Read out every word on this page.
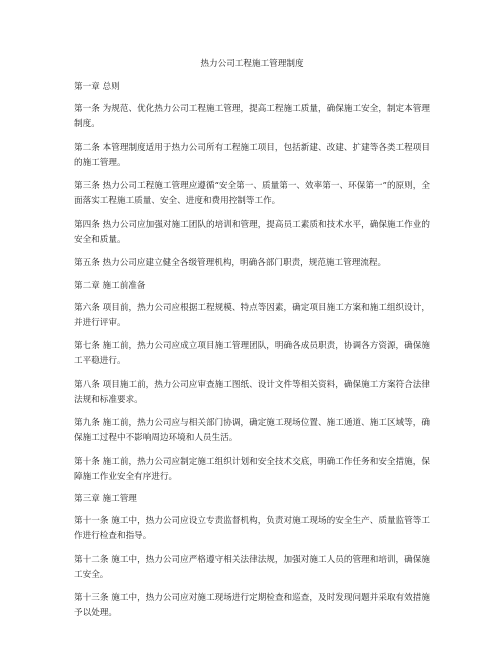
热力公司工程施工管理制度
第一章 总则
第一条 为规范、优化热力公司工程施工管理，提高工程施工质量，确保施工安全，制定本管理制度。
第二条 本管理制度适用于热力公司所有工程施工项目，包括新建、改建、扩建等各类工程项目的施工管理。
第三条 热力公司工程施工管理应遵循“安全第一、质量第一、效率第一、环保第一”的原则，全面落实工程施工质量、安全、进度和费用控制等工作。
第四条 热力公司应加强对施工团队的培训和管理，提高员工素质和技术水平，确保施工作业的安全和质量。
第五条 热力公司应建立健全各级管理机构，明确各部门职责，规范施工管理流程。
第二章 施工前准备
第六条 项目前，热力公司应根据工程规模、特点等因素，确定项目施工方案和施工组织设计，并进行评审。
第七条 施工前，热力公司应成立项目施工管理团队，明确各成员职责，协调各方资源，确保施工平稳进行。
第八条 项目施工前，热力公司应审查施工图纸、设计文件等相关资料，确保施工方案符合法律法规和标准要求。
第九条 施工前，热力公司应与相关部门协调，确定施工现场位置、施工通道、施工区域等，确保施工过程中不影响周边环境和人员生活。
第十条 施工前，热力公司应制定施工组织计划和安全技术交底，明确工作任务和安全措施，保障施工作业安全有序进行。
第三章 施工管理
第十一条 施工中，热力公司应设立专责监督机构，负责对施工现场的安全生产、质量监管等工作进行检查和指导。
第十二条 施工中，热力公司应严格遵守相关法律法规，加强对施工人员的管理和培训，确保施工安全。
第十三条 施工中，热力公司应对施工现场进行定期检查和巡查，及时发现问题并采取有效措施予以处理。
